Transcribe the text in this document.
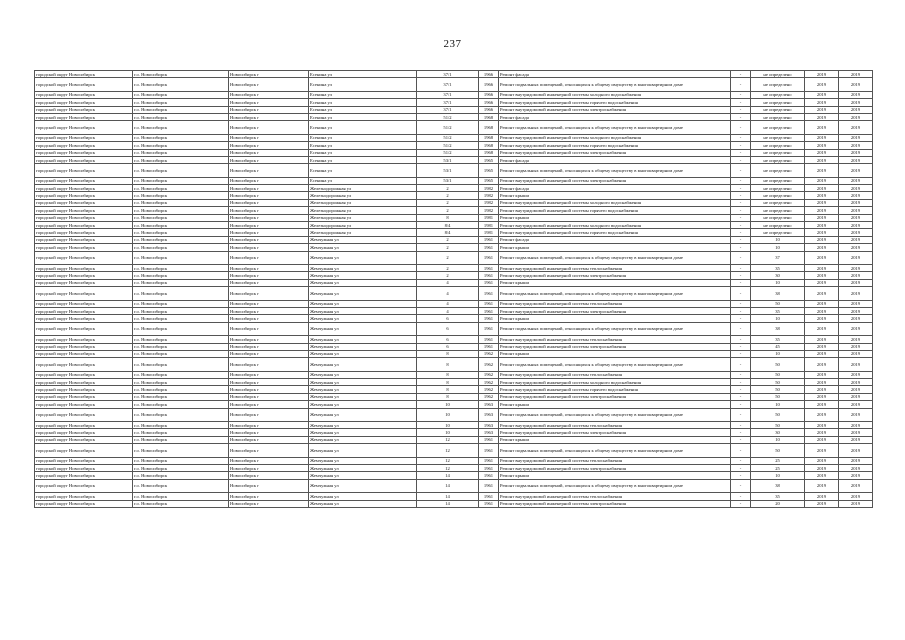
237
городской округ Новосибирск	г.о. Новосибирск	Новосибирск г	Есенина ул	37/1	1966	Ремонт фасада	-	не определено	2019	2019
городской округ Новосибирск	г.о. Новосибирск	Новосибирск г	Есенина ул	37/1	1966	Ремонт подвальных помещений, относящихся к общему имуществу в многоквартирном доме	-	не определено	2019	2019
городской округ Новосибирск	г.о. Новосибирск	Новосибирск г	Есенина ул	37/1	1966	Ремонт внутридомовой инженерной системы холодного водоснабжения	-	не определено	2019	2019
городской округ Новосибирск	г.о. Новосибирск	Новосибирск г	Есенина ул	37/1	1966	Ремонт внутридомовой инженерной системы горячего водоснабжения	-	не определено	2019	2019
городской округ Новосибирск	г.о. Новосибирск	Новосибирск г	Есенина ул	37/1	1966	Ремонт внутридомовой инженерной системы электроснабжения	-	не определено	2019	2019
городской округ Новосибирск	г.о. Новосибирск	Новосибирск г	Есенина ул	51/2	1968	Ремонт фасада	-	не определено	2019	2019
городской округ Новосибирск	г.о. Новосибирск	Новосибирск г	Есенина ул	51/2	1968	Ремонт подвальных помещений, относящихся к общему имуществу в многоквартирном доме	-	не определено	2019	2019
городской округ Новосибирск	г.о. Новосибирск	Новосибирск г	Есенина ул	51/2	1968	Ремонт внутридомовой инженерной системы холодного водоснабжения	-	не определено	2019	2019
городской округ Новосибирск	г.о. Новосибирск	Новосибирск г	Есенина ул	51/2	1968	Ремонт внутридомовой инженерной системы горячего водоснабжения	-	не определено	2019	2019
городской округ Новосибирск	г.о. Новосибирск	Новосибирск г	Есенина ул	51/2	1968	Ремонт внутридомовой инженерной системы электроснабжения	-	не определено	2019	2019
городской округ Новосибирск	г.о. Новосибирск	Новосибирск г	Есенина ул	53/1	1965	Ремонт фасада	-	не определено	2019	2019
городской округ Новосибирск	г.о. Новосибирск	Новосибирск г	Есенина ул	53/1	1965	Ремонт подвальных помещений, относящихся к общему имуществу в многоквартирном доме	-	не определено	2019	2019
городской округ Новосибирск	г.о. Новосибирск	Новосибирск г	Есенина ул	53/1	1965	Ремонт внутридомовой инженерной системы электроснабжения	-	не определено	2019	2019
городской округ Новосибирск	г.о. Новосибирск	Новосибирск г	Железнодорожная ул	2	1982	Ремонт фасада	-	не определено	2019	2019
городской округ Новосибирск	г.о. Новосибирск	Новосибирск г	Железнодорожная ул	2	1982	Ремонт крыши	-	не определено	2019	2019
городской округ Новосибирск	г.о. Новосибирск	Новосибирск г	Железнодорожная ул	2	1982	Ремонт внутридомовой инженерной системы холодного водоснабжения	-	не определено	2019	2019
городской округ Новосибирск	г.о. Новосибирск	Новосибирск г	Железнодорожная ул	2	1982	Ремонт внутридомовой инженерной системы горячего водоснабжения	-	не определено	2019	2019
городской округ Новосибирск	г.о. Новосибирск	Новосибирск г	Железнодорожная ул	8	1981	Ремонт крыши	-	не определено	2019	2019
городской округ Новосибирск	г.о. Новосибирск	Новосибирск г	Железнодорожная ул	8/4	1981	Ремонт внутридомовой инженерной системы холодного водоснабжения	-	не определено	2019	2019
городской округ Новосибирск	г.о. Новосибирск	Новосибирск г	Железнодорожная ул	8/4	1981	Ремонт внутридомовой инженерной системы горячего водоснабжения	-	не определено	2019	2019
городской округ Новосибирск	г.о. Новосибирск	Новосибирск г	Жемчужная ул	2	1961	Ремонт фасада	-	10	2019	2019
городской округ Новосибирск	г.о. Новосибирск	Новосибирск г	Жемчужная ул	2	1961	Ремонт крыши	-	10	2019	2019
городской округ Новосибирск	г.о. Новосибирск	Новосибирск г	Жемчужная ул	2	1961	Ремонт подвальных помещений, относящихся к общему имуществу в многоквартирном доме	-	37	2019	2019
городской округ Новосибирск	г.о. Новосибирск	Новосибирск г	Жемчужная ул	2	1961	Ремонт внутридомовой инженерной системы теплоснабжения	-	35	2019	2019
городской округ Новосибирск	г.о. Новосибирск	Новосибирск г	Жемчужная ул	2	1961	Ремонт внутридомовой инженерной системы электроснабжения	-	30	2019	2019
городской округ Новосибирск	г.о. Новосибирск	Новосибирск г	Жемчужная ул	4	1961	Ремонт крыши	-	10	2019	2019
городской округ Новосибирск	г.о. Новосибирск	Новосибирск г	Жемчужная ул	4	1961	Ремонт подвальных помещений, относящихся к общему имуществу в многоквартирном доме	-	38	2019	2019
городской округ Новосибирск	г.о. Новосибирск	Новосибирск г	Жемчужная ул	4	1961	Ремонт внутридомовой инженерной системы теплоснабжения	-	50	2019	2019
городской округ Новосибирск	г.о. Новосибирск	Новосибирск г	Жемчужная ул	4	1961	Ремонт внутридомовой инженерной системы электроснабжения	-	35	2019	2019
городской округ Новосибирск	г.о. Новосибирск	Новосибирск г	Жемчужная ул	6	1961	Ремонт крыши	-	10	2019	2019
городской округ Новосибирск	г.о. Новосибирск	Новосибирск г	Жемчужная ул	6	1961	Ремонт подвальных помещений, относящихся к общему имуществу в многоквартирном доме	-	38	2019	2019
городской округ Новосибирск	г.о. Новосибирск	Новосибирск г	Жемчужная ул	6	1961	Ремонт внутридомовой инженерной системы теплоснабжения	-	35	2019	2019
городской округ Новосибирск	г.о. Новосибирск	Новосибирск г	Жемчужная ул	6	1961	Ремонт внутридомовой инженерной системы электроснабжения	-	45	2019	2019
городской округ Новосибирск	г.о. Новосибирск	Новосибирск г	Жемчужная ул	8	1962	Ремонт крыши	-	10	2019	2019
городской округ Новосибирск	г.о. Новосибирск	Новосибирск г	Жемчужная ул	8	1962	Ремонт подвальных помещений, относящихся к общему имуществу в многоквартирном доме	-	50	2019	2019
городской округ Новосибирск	г.о. Новосибирск	Новосибирск г	Жемчужная ул	8	1962	Ремонт внутридомовой инженерной системы теплоснабжения	-	50	2019	2019
городской округ Новосибирск	г.о. Новосибирск	Новосибирск г	Жемчужная ул	8	1962	Ремонт внутридомовой инженерной системы холодного водоснабжения	-	50	2019	2019
городской округ Новосибирск	г.о. Новосибирск	Новосибирск г	Жемчужная ул	8	1962	Ремонт внутридомовой инженерной системы горячего водоснабжения	-	50	2019	2019
городской округ Новосибирск	г.о. Новосибирск	Новосибирск г	Жемчужная ул	8	1962	Ремонт внутридомовой инженерной системы электроснабжения	-	50	2019	2019
городской округ Новосибирск	г.о. Новосибирск	Новосибирск г	Жемчужная ул	10	1963	Ремонт крыши	-	10	2019	2019
городской округ Новосибирск	г.о. Новосибирск	Новосибирск г	Жемчужная ул	10	1963	Ремонт подвальных помещений, относящихся к общему имуществу в многоквартирном доме	-	50	2019	2019
городской округ Новосибирск	г.о. Новосибирск	Новосибирск г	Жемчужная ул	10	1963	Ремонт внутридомовой инженерной системы теплоснабжения	-	50	2019	2019
городской округ Новосибирск	г.о. Новосибирск	Новосибирск г	Жемчужная ул	10	1963	Ремонт внутридомовой инженерной системы электроснабжения	-	30	2019	2019
городской округ Новосибирск	г.о. Новосибирск	Новосибирск г	Жемчужная ул	12	1961	Ремонт крыши	-	10	2019	2019
городской округ Новосибирск	г.о. Новосибирск	Новосибирск г	Жемчужная ул	12	1961	Ремонт подвальных помещений, относящихся к общему имуществу в многоквартирном доме	-	50	2019	2019
городской округ Новосибирск	г.о. Новосибирск	Новосибирск г	Жемчужная ул	12	1961	Ремонт внутридомовой инженерной системы теплоснабжения	-	25	2019	2019
городской округ Новосибирск	г.о. Новосибирск	Новосибирск г	Жемчужная ул	12	1961	Ремонт внутридомовой инженерной системы электроснабжения	-	25	2019	2019
городской округ Новосибирск	г.о. Новосибирск	Новосибирск г	Жемчужная ул	14	1961	Ремонт крыши	-	10	2019	2019
городской округ Новосибирск	г.о. Новосибирск	Новосибирск г	Жемчужная ул	14	1961	Ремонт подвальных помещений, относящихся к общему имуществу в многоквартирном доме	-	38	2019	2019
городской округ Новосибирск	г.о. Новосибирск	Новосибирск г	Жемчужная ул	14	1961	Ремонт внутридомовой инженерной системы теплоснабжения	-	35	2019	2019
городской округ Новосибирск	г.о. Новосибирск	Новосибирск г	Жемчужная ул	14	1961	Ремонт внутридомовой инженерной системы электроснабжения	-	20	2019	2019
